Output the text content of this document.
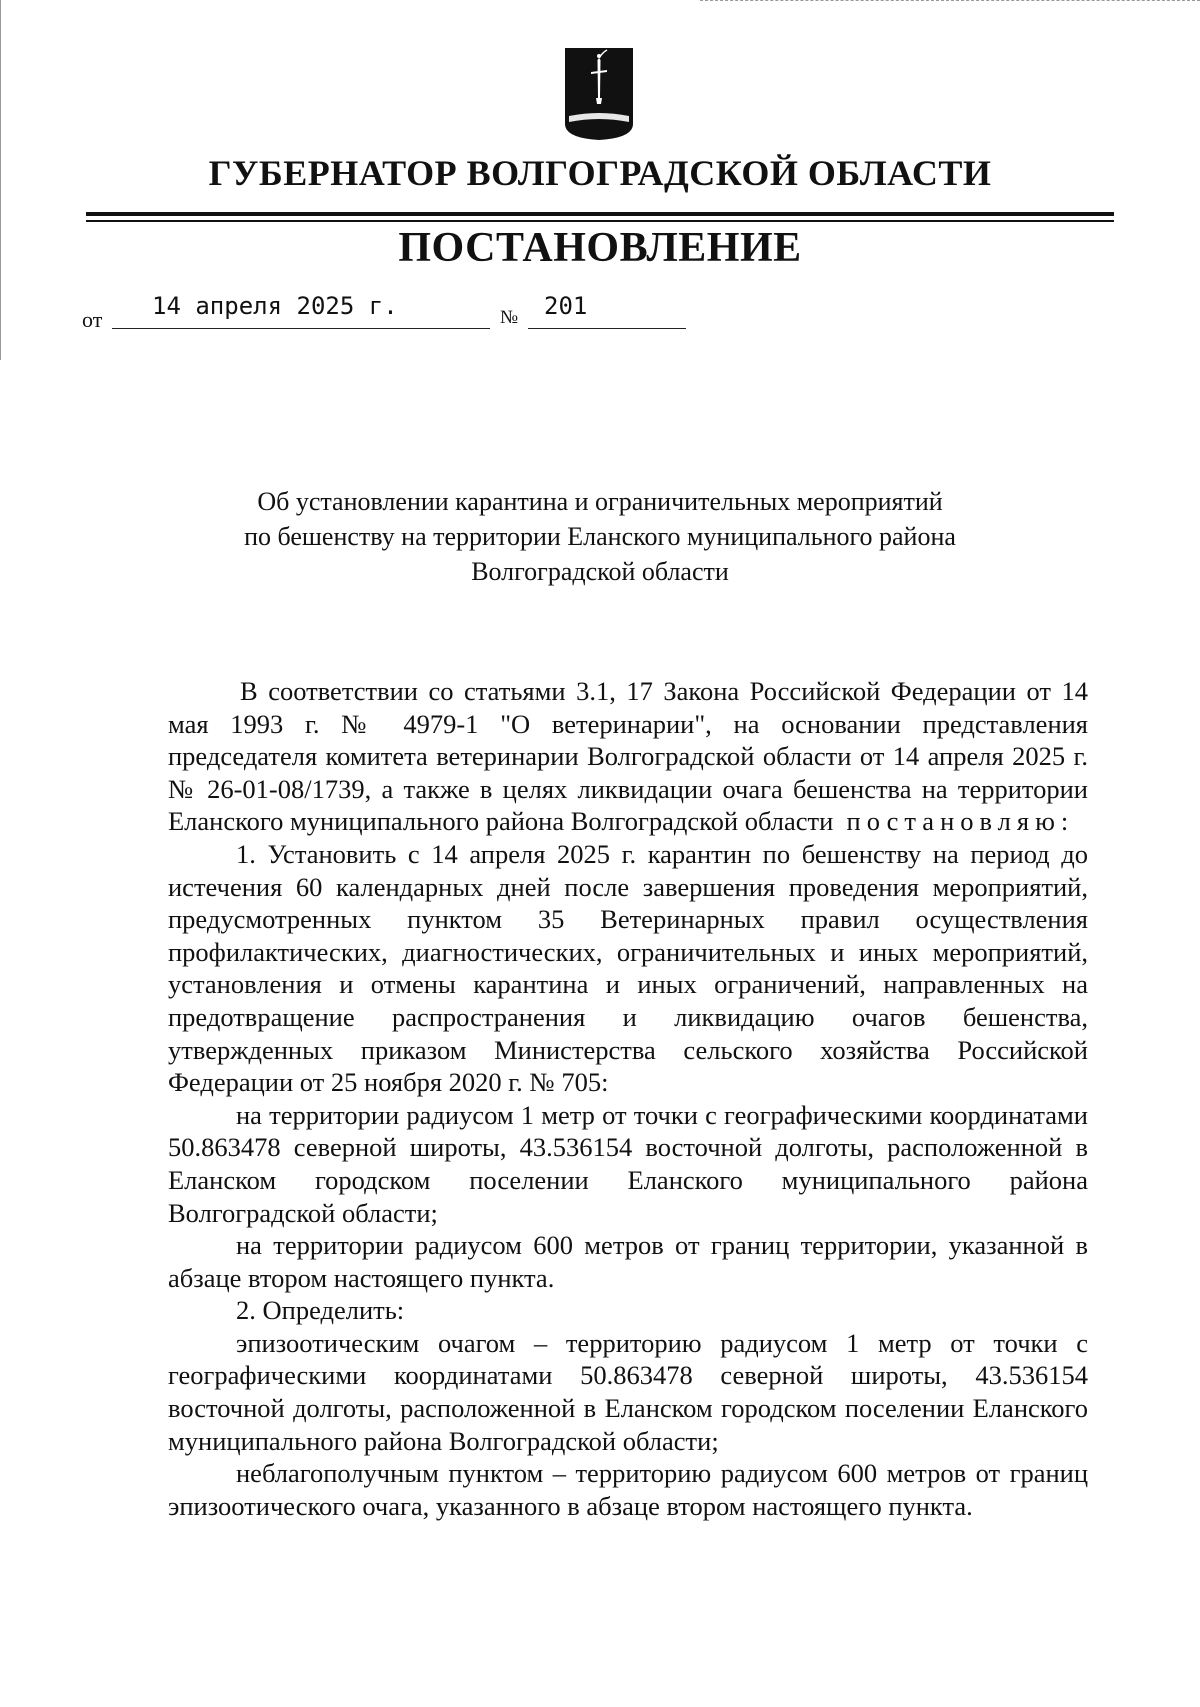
ГУБЕРНАТОР ВОЛГОГРАДСКОЙ ОБЛАСТИ
ПОСТАНОВЛЕНИЕ
от 14 апреля 2025 г.	№ 201
Об установлении карантина и ограничительных мероприятий
по бешенству на территории Еланского муниципального района
Волгоградской области

В соответствии со статьями 3.1, 17 Закона Российской Федерации от 14 мая 1993 г. № 4979-1 "О ветеринарии", на основании представления председателя комитета ветеринарии Волгоградской области от 14 апреля 2025 г. № 26-01-08/1739, а также в целях ликвидации очага бешенства на территории Еланского муниципального района Волгоградской области постановляю:

1. Установить с 14 апреля 2025 г. карантин по бешенству на период до истечения 60 календарных дней после завершения проведения мероприятий, предусмотренных пунктом 35 Ветеринарных правил осуществления профилактических, диагностических, ограничительных и иных мероприятий, установления и отмены карантина и иных ограничений, направленных на предотвращение распространения и ликвидацию очагов бешенства, утвержденных приказом Министерства сельского хозяйства Российской Федерации от 25 ноября 2020 г. № 705:

на территории радиусом 1 метр от точки с географическими координатами 50.863478 северной широты, 43.536154 восточной долготы, расположенной в Еланском городском поселении Еланского муниципального района Волгоградской области;

на территории радиусом 600 метров от границ территории, указанной в абзаце втором настоящего пункта.

2. Определить:

эпизоотическим очагом – территорию радиусом 1 метр от точки с географическими координатами 50.863478 северной широты, 43.536154 восточной долготы, расположенной в Еланском городском поселении Еланского муниципального района Волгоградской области;

неблагополучным пунктом – территорию радиусом 600 метров от границ эпизоотического очага, указанного в абзаце втором настоящего пункта.
